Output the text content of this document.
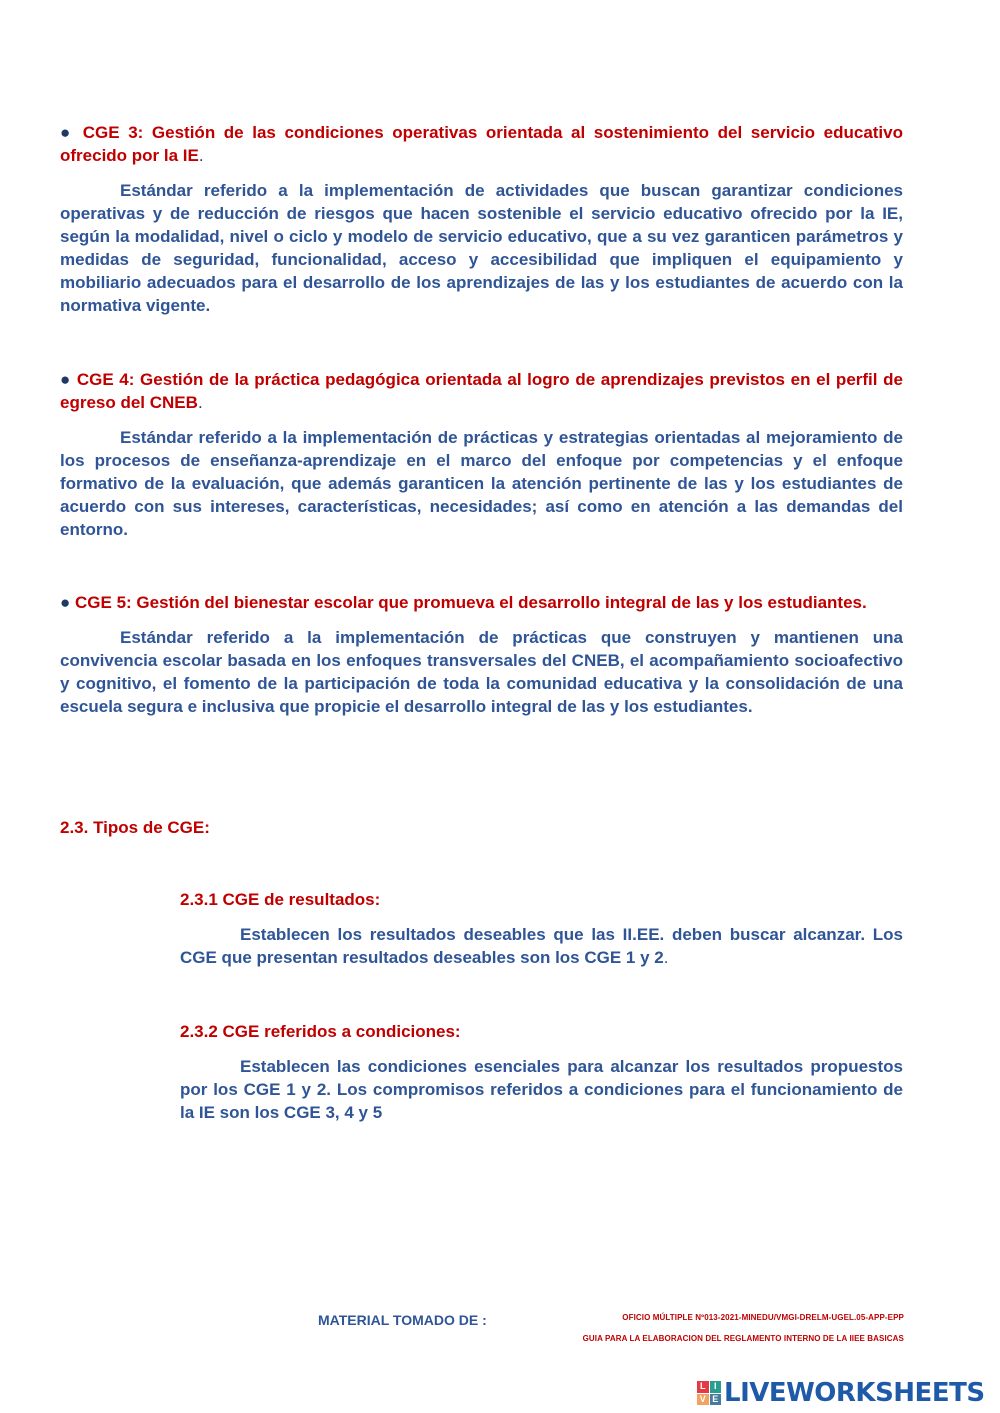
● CGE 3: Gestión de las condiciones operativas orientada al sostenimiento del servicio educativo ofrecido por la IE.

Estándar referido a la implementación de actividades que buscan garantizar condiciones operativas y de reducción de riesgos que hacen sostenible el servicio educativo ofrecido por la IE, según la modalidad, nivel o ciclo y modelo de servicio educativo, que a su vez garanticen parámetros y medidas de seguridad, funcionalidad, acceso y accesibilidad que impliquen el equipamiento y mobiliario adecuados para el desarrollo de los aprendizajes de las y los estudiantes de acuerdo con la normativa vigente.

● CGE 4: Gestión de la práctica pedagógica orientada al logro de aprendizajes previstos en el perfil de egreso del CNEB.

Estándar referido a la implementación de prácticas y estrategias orientadas al mejoramiento de los procesos de enseñanza-aprendizaje en el marco del enfoque por competencias y el enfoque formativo de la evaluación, que además garanticen la atención pertinente de las y los estudiantes de acuerdo con sus intereses, características, necesidades; así como en atención a las demandas del entorno.

● CGE 5: Gestión del bienestar escolar que promueva el desarrollo integral de las y los estudiantes.

Estándar referido a la implementación de prácticas que construyen y mantienen una convivencia escolar basada en los enfoques transversales del CNEB, el acompañamiento socioafectivo y cognitivo, el fomento de la participación de toda la comunidad educativa y la consolidación de una escuela segura e inclusiva que propicie el desarrollo integral de las y los estudiantes.

2.3. Tipos de CGE:

2.3.1 CGE de resultados:

Establecen los resultados deseables que las II.EE. deben buscar alcanzar. Los CGE que presentan resultados deseables son los CGE 1 y 2.

2.3.2 CGE referidos a condiciones:

Establecen las condiciones esenciales para alcanzar los resultados propuestos por los CGE 1 y 2. Los compromisos referidos a condiciones para el funcionamiento de la IE son los CGE 3, 4 y 5

MATERIAL TOMADO DE :	OFICIO MÚLTIPLE Nº013-2021-MINEDU/VMGI-DRELM-UGEL.05-APP-EPP
GUIA PARA LA ELABORACION DEL REGLAMENTO INTERNO DE LA IIEE BASICAS
L I
V E LIVEWORKSHEETS
